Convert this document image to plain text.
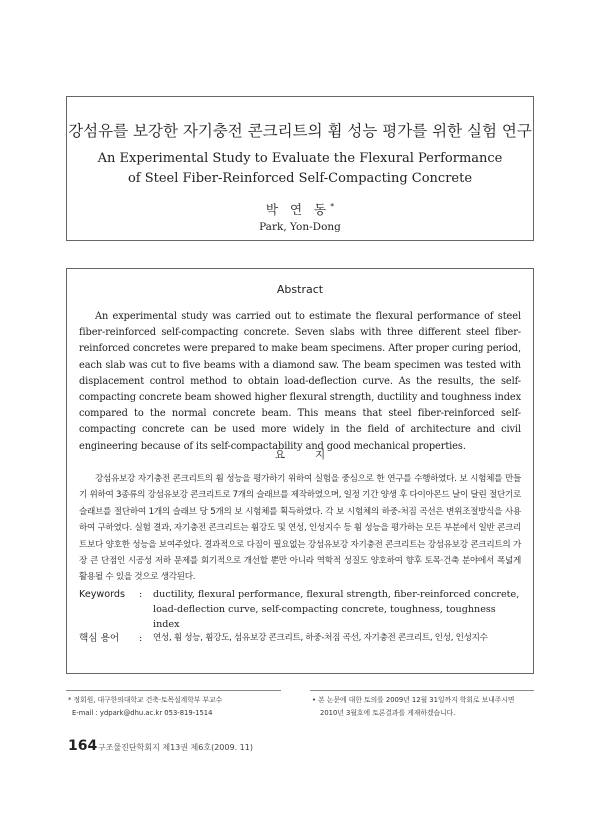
강섬유를 보강한 자기충전 콘크리트의 휨 성능 평가를 위한 실험 연구
An Experimental Study to Evaluate the Flexural Performance
of Steel Fiber-Reinforced Self-Compacting Concrete
박 연 동*
Park, Yon-Dong
Abstract
An experimental study was carried out to estimate the flexural performance of steel fiber-reinforced self-compacting concrete. Seven slabs with three different steel fiber-reinforced concretes were prepared to make beam specimens. After proper curing period, each slab was cut to five beams with a diamond saw. The beam specimen was tested with displacement control method to obtain load-deflection curve. As the results, the self-compacting concrete beam showed higher flexural strength, ductility and toughness index compared to the normal concrete beam. This means that steel fiber-reinforced self-compacting concrete can be used more widely in the field of architecture and civil engineering because of its self-compactability and good mechanical properties.
요지
강섬유보강 자기충전 콘크리트의 휨 성능을 평가하기 위하여 실험을 중심으로 한 연구를 수행하였다. 보 시험체를 만들기 위하여 3종류의 강섬유보강 콘크리트로 7개의 슬래브를 제작하였으며, 일정 기간 양생 후 다이아몬드 날이 달린 절단기로 슬래브를 절단하여 1개의 슬래브 당 5개의 보 시험체를 획득하였다. 각 보 시험체의 하중-처짐 곡선은 변위조절방식을 사용하여 구하였다. 실험 결과, 자기충전 콘크리트는 휨강도 및 연성, 인성지수 등 휨 성능을 평가하는 모든 부분에서 일반 콘크리트보다 양호한 성능을 보여주었다. 결과적으로 다짐이 필요없는 강섬유보강 자기충전 콘크리트는 강섬유보강 콘크리트의 가장 큰 단점인 시공성 저하 문제를 회기적으로 개선할 뿐만 아니라 역학적 성질도 양호하여 향후 토목·건축 분야에서 폭넓게 활용될 수 있을 것으로 생각된다.
Keywords	:	ductility, flexural performance, flexural strength, fiber-reinforced concrete, load-deflection curve, self-compacting concrete, toughness, toughness index
핵심 용어	:	연성, 휨 성능, 휨강도, 섬유보강 콘크리트, 하중-처짐 곡선, 자기충전 콘크리트, 인성, 인성지수
* 정회원, 대구한의대학교 건축·토목설계학부 부교수
E-mail : ydpark@dhu.ac.kr 053-819-1514
• 본 논문에 대한 토의를 2009년 12월 31일까지 학회로 보내주시면
2010년 3월호에 토론결과를 게재하겠습니다.
164 구조물진단학회지 제13권 제6호(2009. 11)
